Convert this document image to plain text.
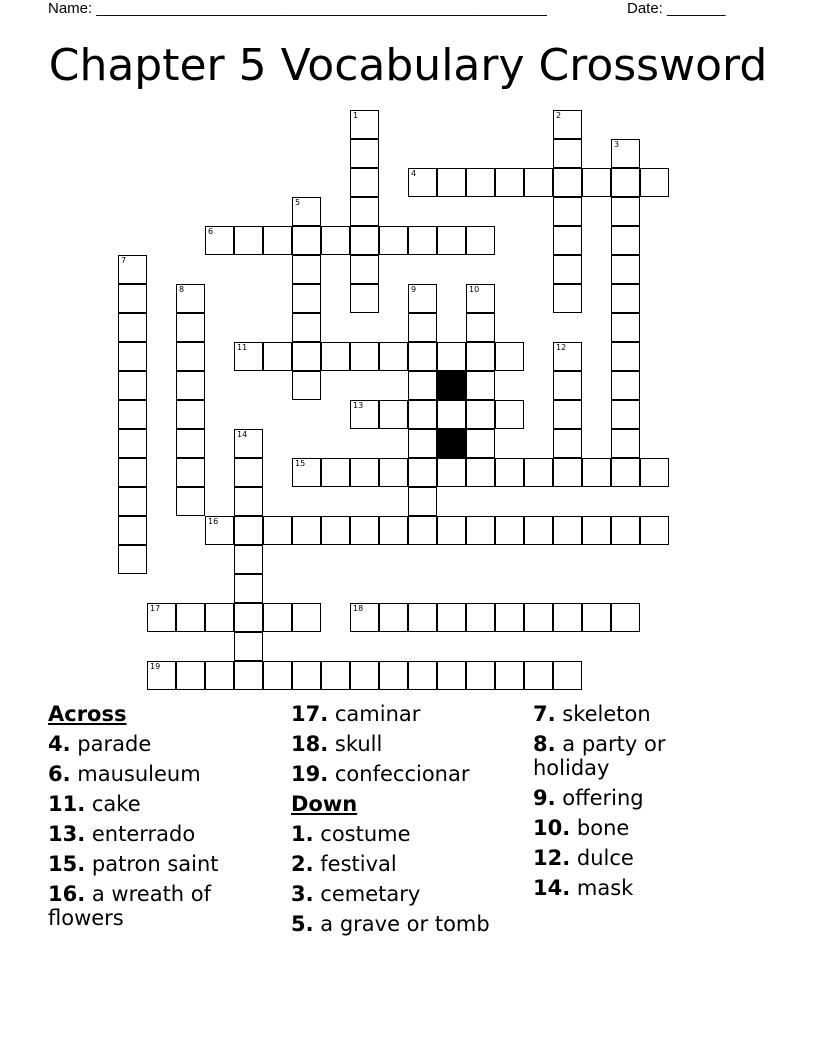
Name: ______________________________________________________	Date: _______
Chapter 5 Vocabulary Crossword
1	2
3
4
5
6
7
8	9	10
11	12
13
14
15
16
17	18
19
Across
4. parade
6. mausuleum
11. cake
13. enterrado
15. patron saint
16. a wreath of flowers
17. caminar
18. skull
19. confeccionar
Down
1. costume
2. festival
3. cemetary
5. a grave or tomb
7. skeleton
8. a party or holiday
9. offering
10. bone
12. dulce
14. mask
